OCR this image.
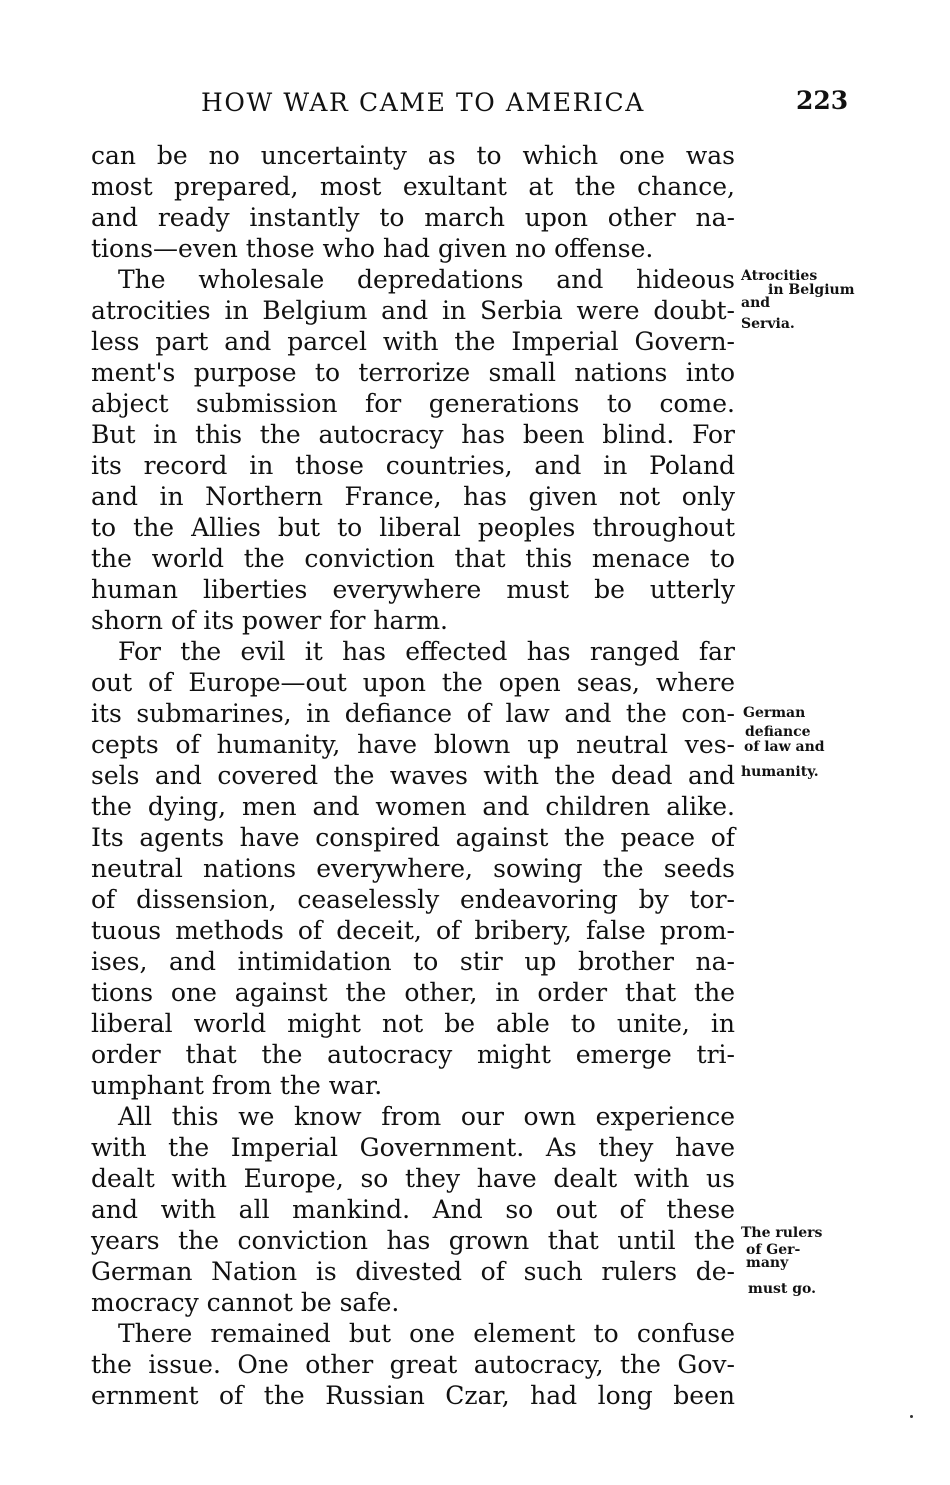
HOW WAR CAME TO AMERICA	223
can be no uncertainty as to which one was
most prepared, most exultant at the chance,
and ready instantly to march upon other na-
tions—even those who had given no offense.
The wholesale depredations and hideous
atrocities in Belgium and in Serbia were doubt-
less part and parcel with the Imperial Govern-
ment's purpose to terrorize small nations into
abject submission for generations to come.
But in this the autocracy has been blind. For
its record in those countries, and in Poland
and in Northern France, has given not only
to the Allies but to liberal peoples throughout
the world the conviction that this menace to
human liberties everywhere must be utterly
shorn of its power for harm.
For the evil it has effected has ranged far
out of Europe—out upon the open seas, where
its submarines, in defiance of law and the con-
cepts of humanity, have blown up neutral ves-
sels and covered the waves with the dead and
the dying, men and women and children alike.
Its agents have conspired against the peace of
neutral nations everywhere, sowing the seeds
of dissension, ceaselessly endeavoring by tor-
tuous methods of deceit, of bribery, false prom-
ises, and intimidation to stir up brother na-
tions one against the other, in order that the
liberal world might not be able to unite, in
order that the autocracy might emerge tri-
umphant from the war.
All this we know from our own experience
with the Imperial Government. As they have
dealt with Europe, so they have dealt with us
and with all mankind. And so out of these
years the conviction has grown that until the
German Nation is divested of such rulers de-
mocracy cannot be safe.
There remained but one element to confuse
the issue. One other great autocracy, the Gov-
ernment of the Russian Czar, had long been
Atrocities
in Belgium
and
Servia.
German
defiance
of law and
humanity.
The rulers
of Ger-
many
must go.
